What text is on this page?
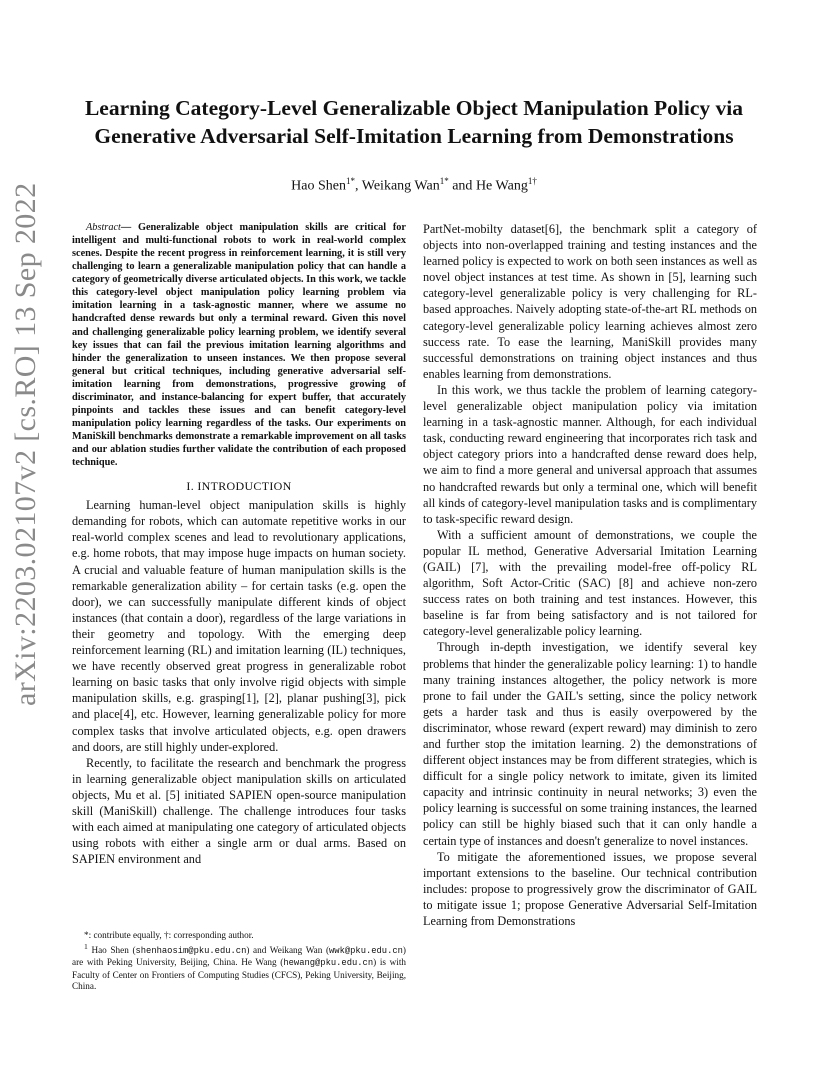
arXiv:2203.02107v2 [cs.RO] 13 Sep 2022
Learning Category-Level Generalizable Object Manipulation Policy via
Generative Adversarial Self-Imitation Learning from Demonstrations
Hao Shen$^{1*}$, Weikang Wan$^{1*}$ and He Wang$^{1\dagger}$

Abstract— Generalizable object manipulation skills are critical for intelligent and multi-functional robots to work in real-world complex scenes. Despite the recent progress in reinforcement learning, it is still very challenging to learn a generalizable manipulation policy that can handle a category of geometrically diverse articulated objects. In this work, we tackle this category-level object manipulation policy learning problem via imitation learning in a task-agnostic manner, where we assume no handcrafted dense rewards but only a terminal reward. Given this novel and challenging generalizable policy learning problem, we identify several key issues that can fail the previous imitation learning algorithms and hinder the generalization to unseen instances. We then propose several general but critical techniques, including generative adversarial self-imitation learning from demonstrations, progressive growing of discriminator, and instance-balancing for expert buffer, that accurately pinpoints and tackles these issues and can benefit category-level manipulation policy learning regardless of the tasks. Our experiments on ManiSkill benchmarks demonstrate a remarkable improvement on all tasks and our ablation studies further validate the contribution of each proposed technique.

I. INTRODUCTION

Learning human-level object manipulation skills is highly demanding for robots, which can automate repetitive works in our real-world complex scenes and lead to revolutionary applications, e.g. home robots, that may impose huge impacts on human society. A crucial and valuable feature of human manipulation skills is the remarkable generalization ability – for certain tasks (e.g. open the door), we can successfully manipulate different kinds of object instances (that contain a door), regardless of the large variations in their geometry and topology. With the emerging deep reinforcement learning (RL) and imitation learning (IL) techniques, we have recently observed great progress in generalizable robot learning on basic tasks that only involve rigid objects with simple manipulation skills, e.g. grasping[1], [2], planar pushing[3], pick and place[4], etc. However, learning generalizable policy for more complex tasks that involve articulated objects, e.g. open drawers and doors, are still highly under-explored.

Recently, to facilitate the research and benchmark the progress in learning generalizable object manipulation skills on articulated objects, Mu et al. [5] initiated SAPIEN open-source manipulation skill (ManiSkill) challenge. The challenge introduces four tasks with each aimed at manipulating one category of articulated objects using robots with either a single arm or dual arms. Based on SAPIEN environment and

PartNet-mobilty dataset[6], the benchmark split a category of objects into non-overlapped training and testing instances and the learned policy is expected to work on both seen instances as well as novel object instances at test time. As shown in [5], learning such category-level generalizable policy is very challenging for RL-based approaches. Naively adopting state-of-the-art RL methods on category-level generalizable policy learning achieves almost zero success rate. To ease the learning, ManiSkill provides many successful demonstrations on training object instances and thus enables learning from demonstrations.

In this work, we thus tackle the problem of learning category-level generalizable object manipulation policy via imitation learning in a task-agnostic manner. Although, for each individual task, conducting reward engineering that incorporates rich task and object category priors into a handcrafted dense reward does help, we aim to find a more general and universal approach that assumes no handcrafted rewards but only a terminal one, which will benefit all kinds of category-level manipulation tasks and is complimentary to task-specific reward design.

With a sufficient amount of demonstrations, we couple the popular IL method, Generative Adversarial Imitation Learning (GAIL) [7], with the prevailing model-free off-policy RL algorithm, Soft Actor-Critic (SAC) [8] and achieve non-zero success rates on both training and test instances. However, this baseline is far from being satisfactory and is not tailored for category-level generalizable policy learning.

Through in-depth investigation, we identify several key problems that hinder the generalizable policy learning: 1) to handle many training instances altogether, the policy network is more prone to fail under the GAIL's setting, since the policy network gets a harder task and thus is easily overpowered by the discriminator, whose reward (expert reward) may diminish to zero and further stop the imitation learning. 2) the demonstrations of different object instances may be from different strategies, which is difficult for a single policy network to imitate, given its limited capacity and intrinsic continuity in neural networks; 3) even the policy learning is successful on some training instances, the learned policy can still be highly biased such that it can only handle a certain type of instances and doesn't generalize to novel instances.

To mitigate the aforementioned issues, we propose several important extensions to the baseline. Our technical contribution includes: propose to progressively grow the discriminator of GAIL to mitigate issue 1; propose Generative Adversarial Self-Imitation Learning from Demonstrations

*: contribute equally, †: corresponding author.

$^1$ Hao Shen (shenhaosim@pku.edu.cn) and Weikang Wan (wwk@pku.edu.cn) are with Peking University, Beijing, China. He Wang (hewang@pku.edu.cn) is with Faculty of Center on Frontiers of Computing Studies (CFCS), Peking University, Beijing, China.
